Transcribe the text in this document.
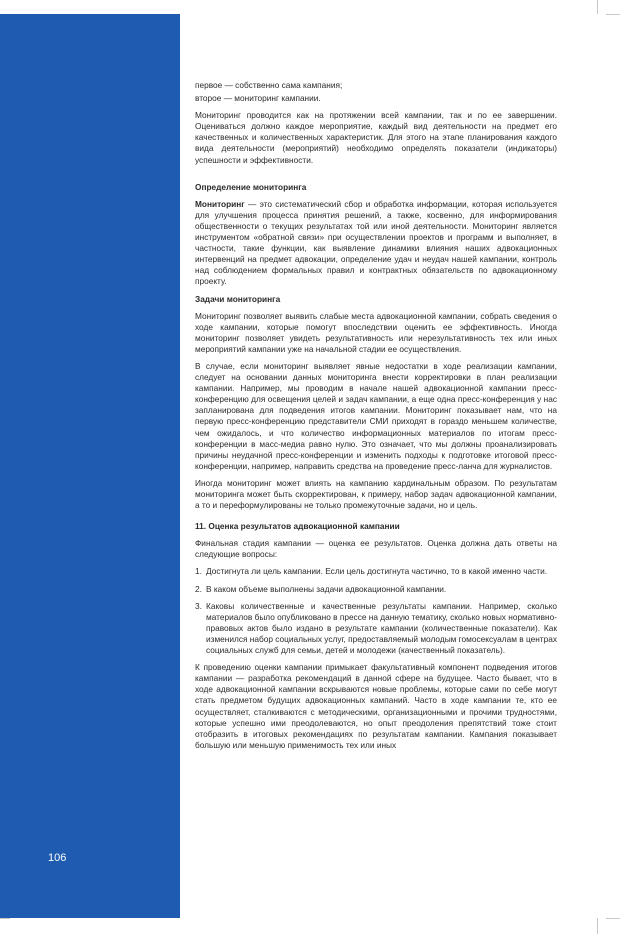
106

первое — собственно сама кампания;

второе — мониторинг кампании.

Мониторинг проводится как на протяжении всей кампании, так и по ее завершении. Оцениваться должно каждое мероприятие, каждый вид деятельности на предмет его качественных и количественных характеристик. Для этого на этапе планирования каждого вида деятельности (мероприятий) необходимо определять показатели (индикаторы) успешности и эффективности.

Определение мониторинга

Мониторинг — это систематический сбор и обработка информации, которая используется для улучшения процесса принятия решений, а также, косвенно, для информирования общественности о текущих результатах той или иной деятельности. Мониторинг является инструментом «обратной связи» при осуществлении проектов и программ и выполняет, в частности, такие функции, как выявление динамики влияния наших адвокационных интервенций на предмет адвокации, определение удач и неудач нашей кампании, контроль над соблюдением формальных правил и контрактных обязательств по адвокационному проекту.

Задачи мониторинга

Мониторинг позволяет выявить слабые места адвокационной кампании, собрать сведения о ходе кампании, которые помогут впоследствии оценить ее эффективность. Иногда мониторинг позволяет увидеть результативность или нерезультативность тех или иных мероприятий кампании уже на начальной стадии ее осуществления.

В случае, если мониторинг выявляет явные недостатки в ходе реализации кампании, следует на основании данных мониторинга внести корректировки в план реализации кампании. Например, мы проводим в начале нашей адвокационной кампании пресс-конференцию для освещения целей и задач кампании, а еще одна пресс-конференция у нас запланирована для подведения итогов кампании. Мониторинг показывает нам, что на первую пресс-конференцию представители СМИ приходят в гораздо меньшем количестве, чем ожидалось, и что количество информационных материалов по итогам пресс-конференции в масс-медиа равно нулю. Это означает, что мы должны проанализировать причины неудачной пресс-конференции и изменить подходы к подготовке итоговой пресс-конференции, например, направить средства на проведение пресс-ланча для журналистов.

Иногда мониторинг может влиять на кампанию кардинальным образом. По результатам мониторинга может быть скорректирован, к примеру, набор задач адвокационной кампании, а то и переформулированы не только промежуточные задачи, но и цель.

11. Оценка результатов адвокационной кампании

Финальная стадия кампании — оценка ее результатов. Оценка должна дать ответы на следующие вопросы:

1. Достигнута ли цель кампании. Если цель достигнута частично, то в какой именно части.
2. В каком объеме выполнены задачи адвокационной кампании.
3. Каковы количественные и качественные результаты кампании. Например, сколько материалов было опубликовано в прессе на данную тематику, сколько новых нормативно-правовых актов было издано в результате кампании (количественные показатели). Как изменился набор социальных услуг, предоставляемый молодым гомосексуалам в центрах социальных служб для семьи, детей и молодежи (качественный показатель).

К проведению оценки кампании примыкает факультативный компонент подведения итогов кампании — разработка рекомендаций в данной сфере на будущее. Часто бывает, что в ходе адвокационной кампании вскрываются новые проблемы, которые сами по себе могут стать предметом будущих адвокационных кампаний. Часто в ходе кампании те, кто ее осуществляет, сталкиваются с методическими, организационными и прочими трудностями, которые успешно ими преодолеваются, но опыт преодоления препятствий тоже стоит отобразить в итоговых рекомендациях по результатам кампании. Кампания показывает большую или меньшую применимость тех или иных
